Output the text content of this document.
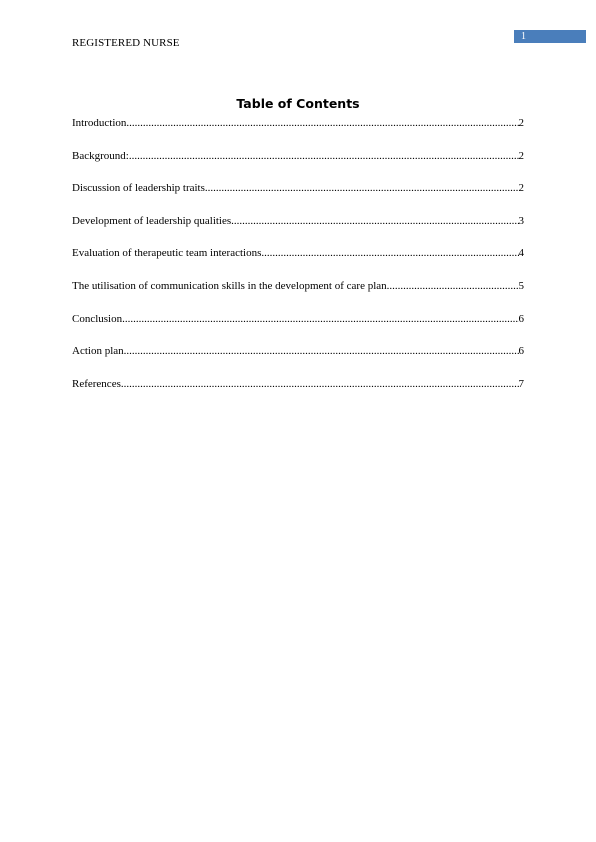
REGISTERED NURSE
1
Table of Contents
Introduction .....	2
Background: .....	2
Discussion of leadership traits .....	2
Development of leadership qualities .....	3
Evaluation of therapeutic team interactions .....	4
The utilisation of communication skills in the development of care plan .....	5
Conclusion .....	6
Action plan .....	6
References .....	7
